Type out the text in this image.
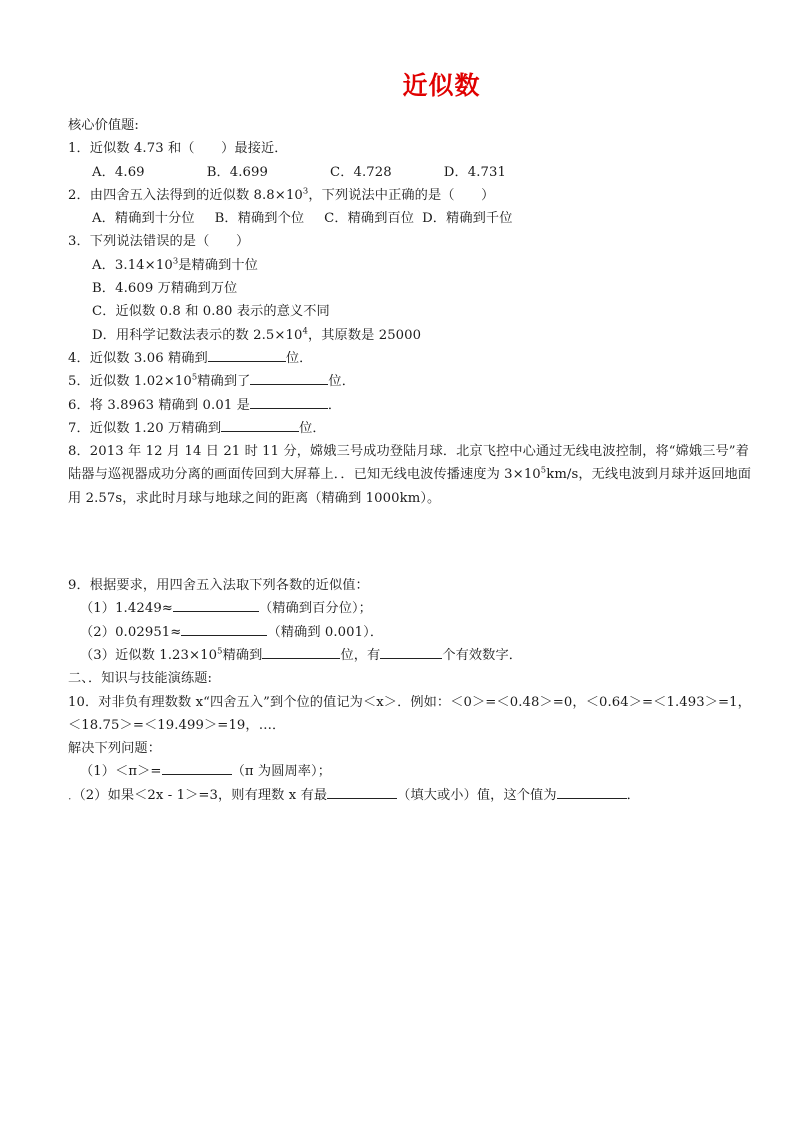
近似数
核心价值题:
1．近似数 4.73 和（　　）最接近．
A．4.69	B．4.699	C．4.728	D．4.731
2．由四舍五入法得到的近似数 $8.8\times 10^3$，下列说法中正确的是（　　）
A．精确到十分位 B．精确到个位 C．精确到百位 D．精确到千位
3．下列说法错误的是（　　）
A．$3.14\times 10^3$是精确到十位
B．4.609 万精确到万位
C．近似数 0.8 和 0.80 表示的意义不同
D．用科学记数法表示的数 $2.5\times 10^4$，其原数是 25000
4．近似数 3.06 精确到	位．
5．近似数 $1.02\times 10^5$精确到了	位．
6．将 3.8963 精确到 0.01 是	．
7．近似数 1.20 万精确到	位．
8．2013 年 12 月 14 日 21 时 11 分，嫦娥三号成功登陆月球．北京飞控中心通过无线电波控制，将“嫦娥三号”着陆器与巡视器成功分离的画面传回到大屏幕上．．已知无线电波传播速度为 $3\times 10^5km/s$，无线电波到月球并返回地面用 2.57s，求此时月球与地球之间的距离（精确到 1000km）。
9．根据要求，用四舍五入法取下列各数的近似值：
（1）1.4249≈	（精确到百分位）；
（2）0.02951≈	（精确到 0.001）．
（3）近似数 $1.23\times 10^5$精确到	位，有	个有效数字．
二、．知识与技能演练题:
10．对非负有理数数 x“四舍五入”到个位的值记为＜x＞．例如：＜0＞=＜0.48＞=0，＜0.64＞=＜1.493＞=1，＜18.75＞=＜19.499＞=19，…．
解决下列问题：
（1）＜π＞=	（π 为圆周率）；
．（2）如果＜2x - 1＞=3，则有理数 x 有最	（填大或小）值，这个值为	．
